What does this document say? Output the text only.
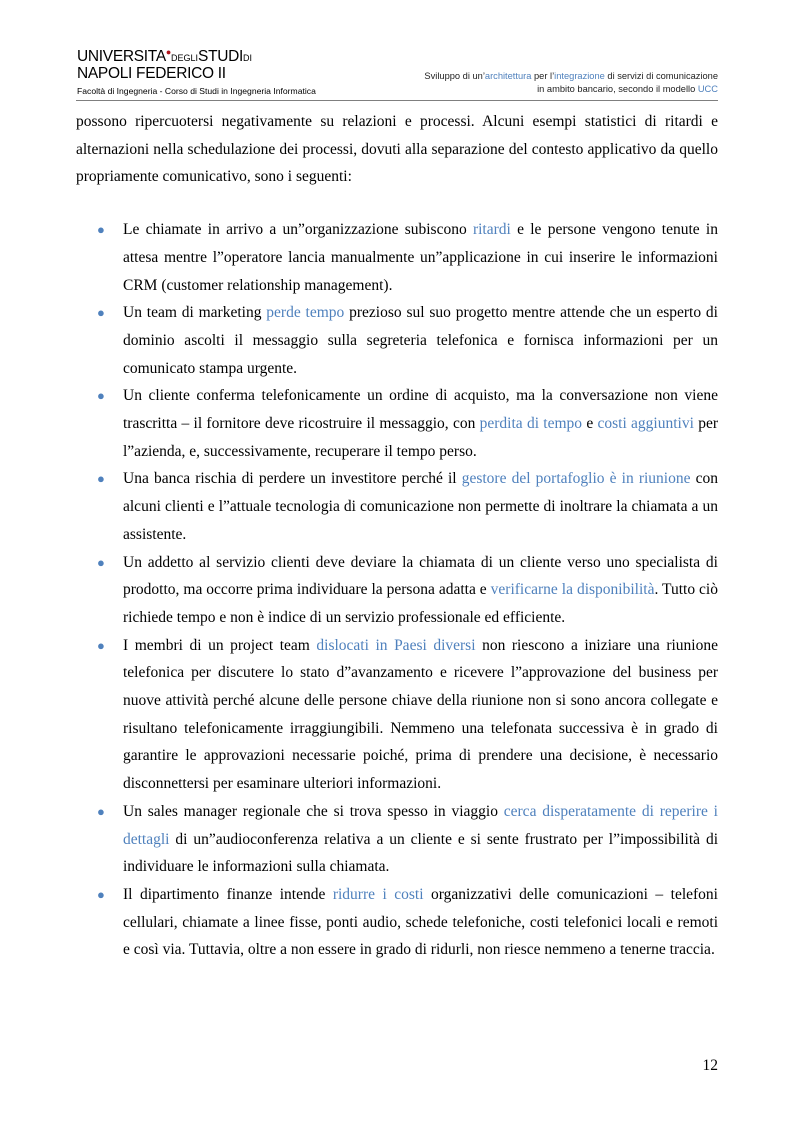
UNIVERSITA●DEGLISTUDIDI
NAPOLI FEDERICO II
Facoltà di Ingegneria - Corso di Studi in Ingegneria Informatica
Sviluppo di un’architettura per l’integrazione di servizi di comunicazione
in ambito bancario, secondo il modello UCC

possono ripercuotersi negativamente su relazioni e processi. Alcuni esempi statistici di ritardi e alternazioni nella schedulazione dei processi, dovuti alla separazione del contesto applicativo da quello propriamente comunicativo, sono i seguenti:

● Le chiamate in arrivo a un”organizzazione subiscono ritardi e le persone vengono tenute in attesa mentre l”operatore lancia manualmente un”applicazione in cui inserire le informazioni CRM (customer relationship management).
● Un team di marketing perde tempo prezioso sul suo progetto mentre attende che un esperto di dominio ascolti il messaggio sulla segreteria telefonica e fornisca informazioni per un comunicato stampa urgente.
● Un cliente conferma telefonicamente un ordine di acquisto, ma la conversazione non viene trascritta – il fornitore deve ricostruire il messaggio, con perdita di tempo e costi aggiuntivi per l”azienda, e, successivamente, recuperare il tempo perso.
● Una banca rischia di perdere un investitore perché il gestore del portafoglio è in riunione con alcuni clienti e l”attuale tecnologia di comunicazione non permette di inoltrare la chiamata a un assistente.
● Un addetto al servizio clienti deve deviare la chiamata di un cliente verso uno specialista di prodotto, ma occorre prima individuare la persona adatta e verificarne la disponibilità. Tutto ciò richiede tempo e non è indice di un servizio professionale ed efficiente.
● I membri di un project team dislocati in Paesi diversi non riescono a iniziare una riunione telefonica per discutere lo stato d”avanzamento e ricevere l”approvazione del business per nuove attività perché alcune delle persone chiave della riunione non si sono ancora collegate e risultano telefonicamente irraggiungibili. Nemmeno una telefonata successiva è in grado di garantire le approvazioni necessarie poiché, prima di prendere una decisione, è necessario disconnettersi per esaminare ulteriori informazioni.
● Un sales manager regionale che si trova spesso in viaggio cerca disperatamente di reperire i dettagli di un”audioconferenza relativa a un cliente e si sente frustrato per l”impossibilità di individuare le informazioni sulla chiamata.
● Il dipartimento finanze intende ridurre i costi organizzativi delle comunicazioni – telefoni cellulari, chiamate a linee fisse, ponti audio, schede telefoniche, costi telefonici locali e remoti e così via. Tuttavia, oltre a non essere in grado di ridurli, non riesce nemmeno a tenerne traccia.
12
